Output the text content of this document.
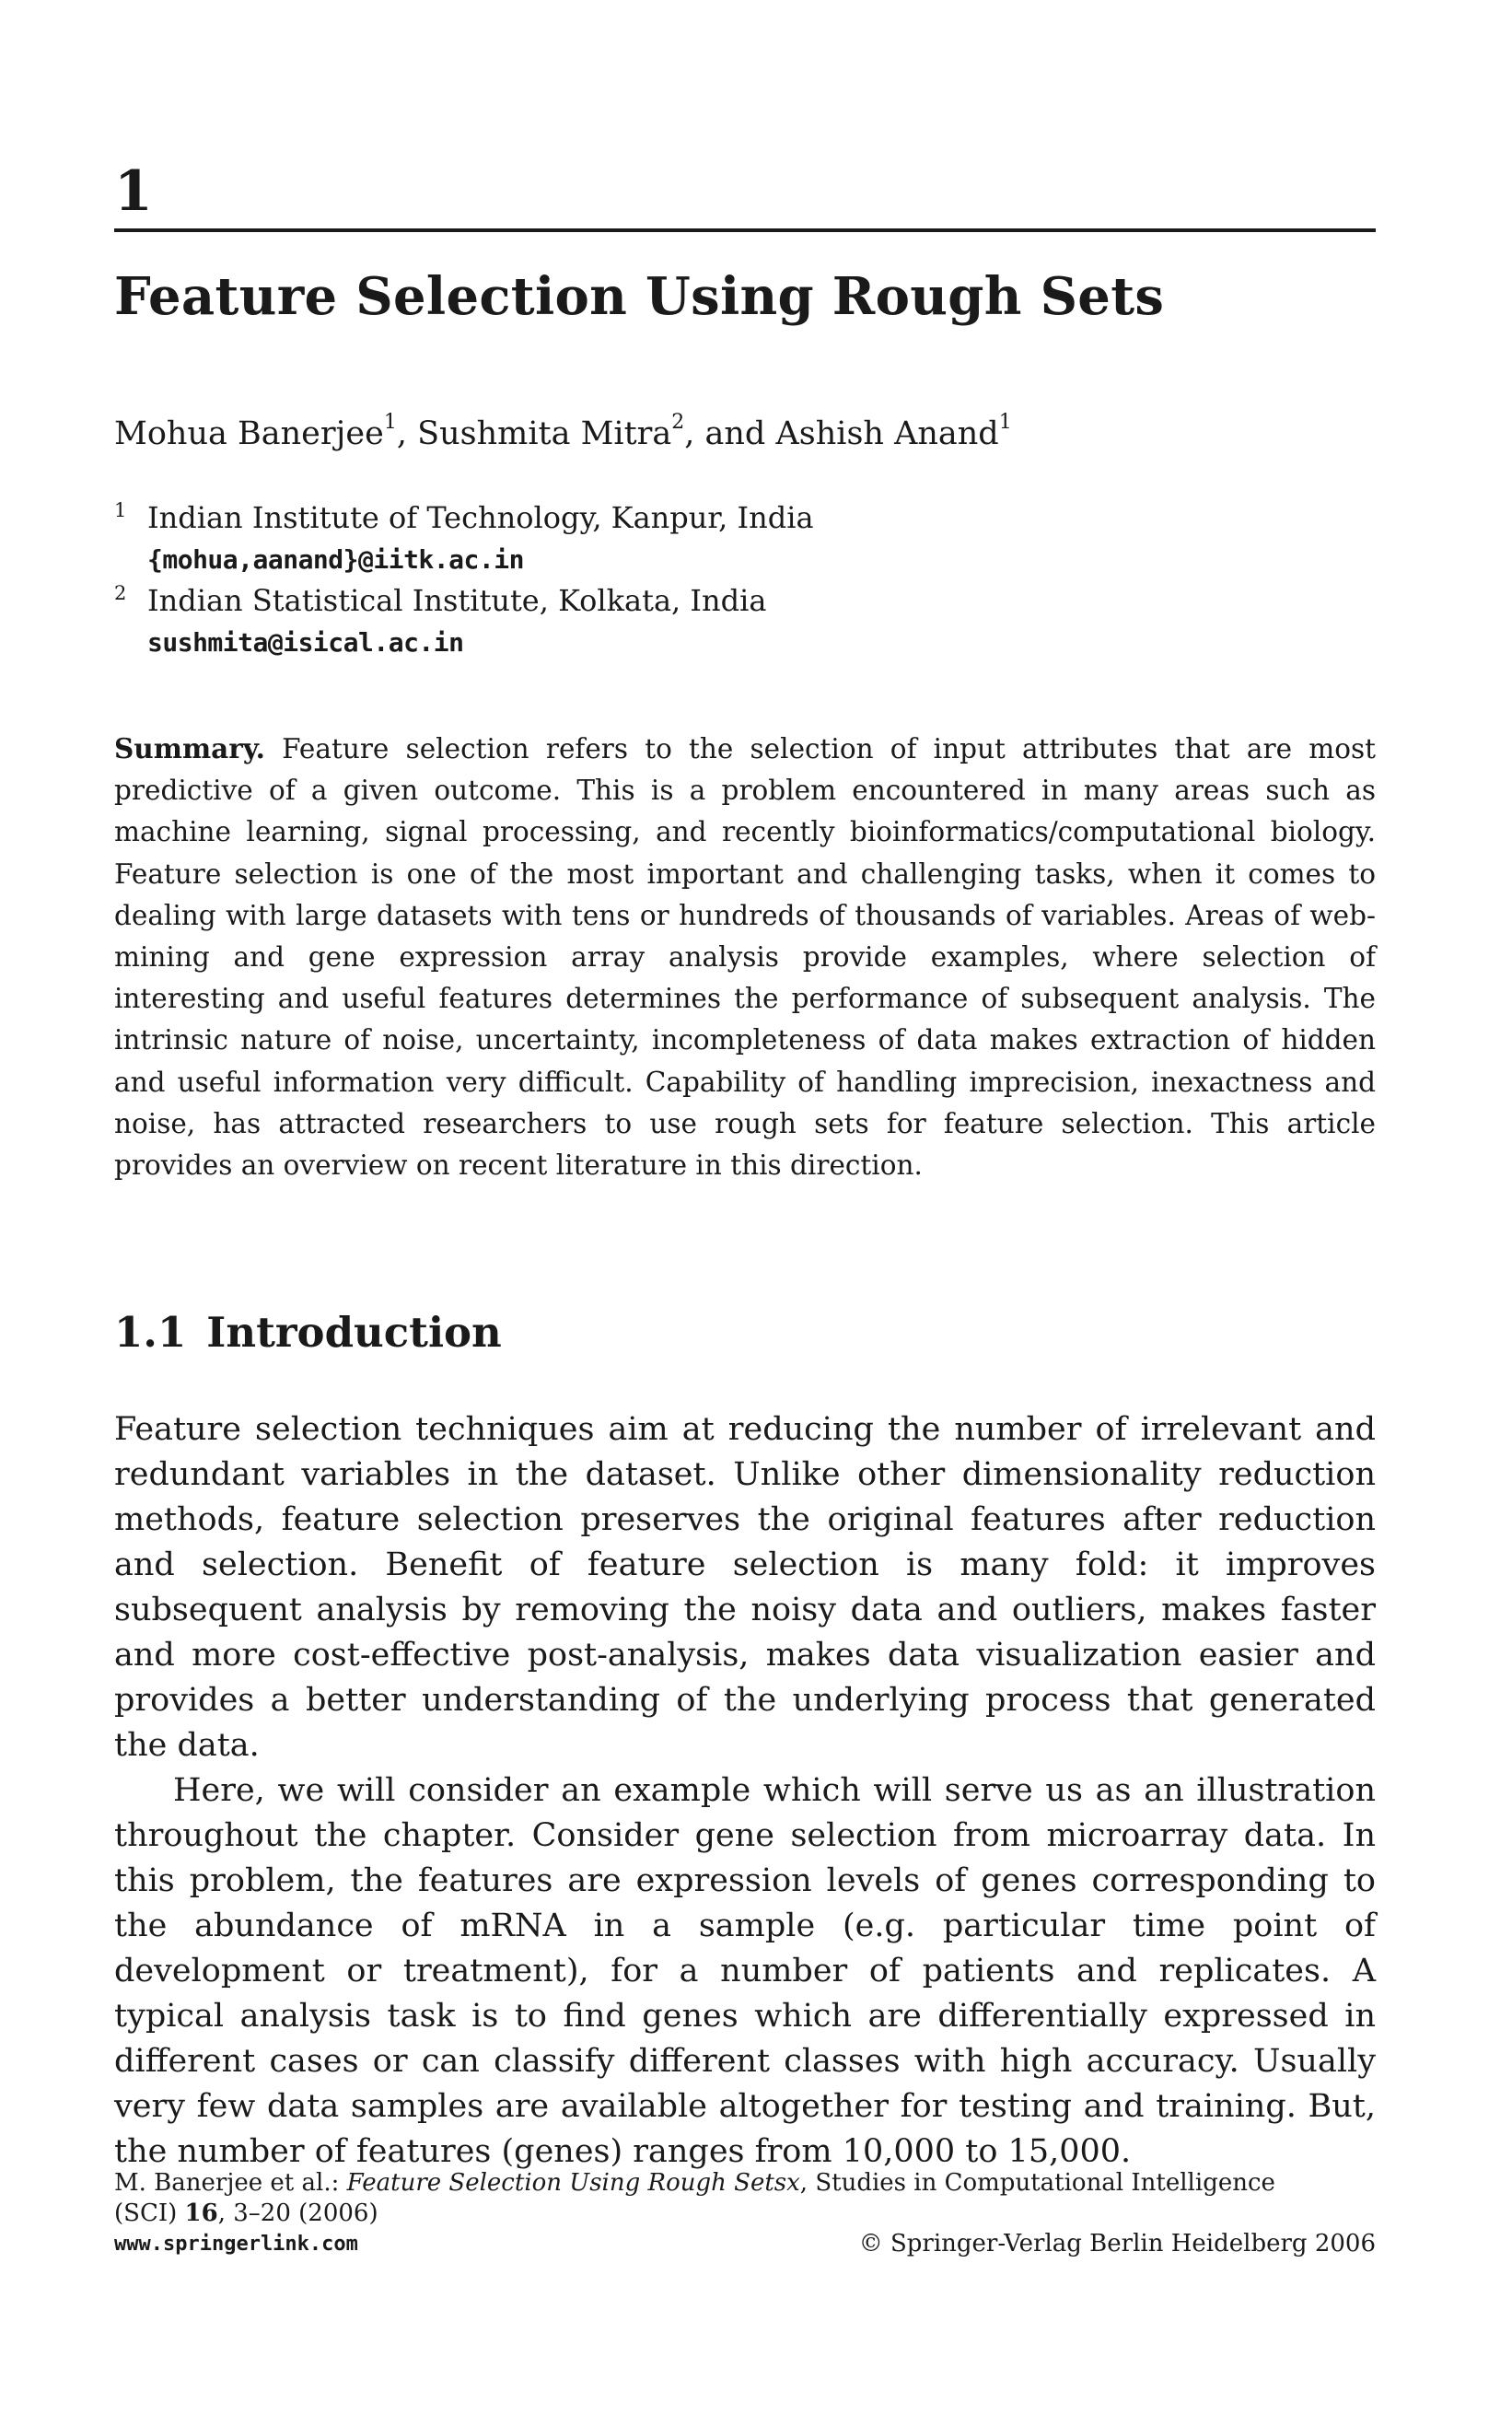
1
Feature Selection Using Rough Sets
Mohua Banerjee$^1$, Sushmita Mitra$^2$, and Ashish Anand$^1$
1 Indian Institute of Technology, Kanpur, India
{mohua,aanand}@iitk.ac.in
2 Indian Statistical Institute, Kolkata, India
sushmita@isical.ac.in
Summary. Feature selection refers to the selection of input attributes that are most predictive of a given outcome. This is a problem encountered in many areas such as machine learning, signal processing, and recently bioinformatics/computational biology. Feature selection is one of the most important and challenging tasks, when it comes to dealing with large datasets with tens or hundreds of thousands of variables. Areas of web-mining and gene expression array analysis provide examples, where selection of interesting and useful features determines the performance of subsequent analysis. The intrinsic nature of noise, uncertainty, incompleteness of data makes extraction of hidden and useful information very difficult. Capability of handling imprecision, inexactness and noise, has attracted researchers to use rough sets for feature selection. This article provides an overview on recent literature in this direction.
1.1 Introduction

Feature selection techniques aim at reducing the number of irrelevant and redundant variables in the dataset. Unlike other dimensionality reduction methods, feature selection preserves the original features after reduction and selection. Benefit of feature selection is many fold: it improves subsequent analysis by removing the noisy data and outliers, makes faster and more cost-effective post-analysis, makes data visualization easier and provides a better understanding of the underlying process that generated the data.

Here, we will consider an example which will serve us as an illustration throughout the chapter. Consider gene selection from microarray data. In this problem, the features are expression levels of genes corresponding to the abundance of mRNA in a sample (e.g. particular time point of development or treatment), for a number of patients and replicates. A typical analysis task is to find genes which are differentially expressed in different cases or can classify different classes with high accuracy. Usually very few data samples are available altogether for testing and training. But, the number of features (genes) ranges from 10,000 to 15,000.

M. Banerjee et al.: Feature Selection Using Rough Setsx, Studies in Computational Intelligence
(SCI) 16, 3–20 (2006)
www.springerlink.com	© Springer-Verlag Berlin Heidelberg 2006
